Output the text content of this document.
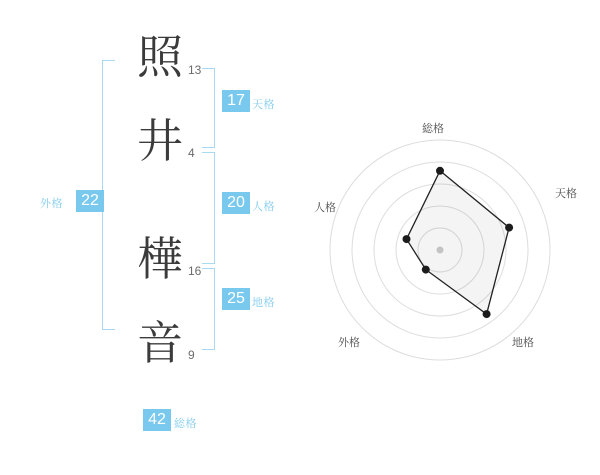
照 13
井 4
樺 16
音 9
22
外格
17 天格
20 人格
25 地格
42 総格
総格
天格
地格
外格
人格
